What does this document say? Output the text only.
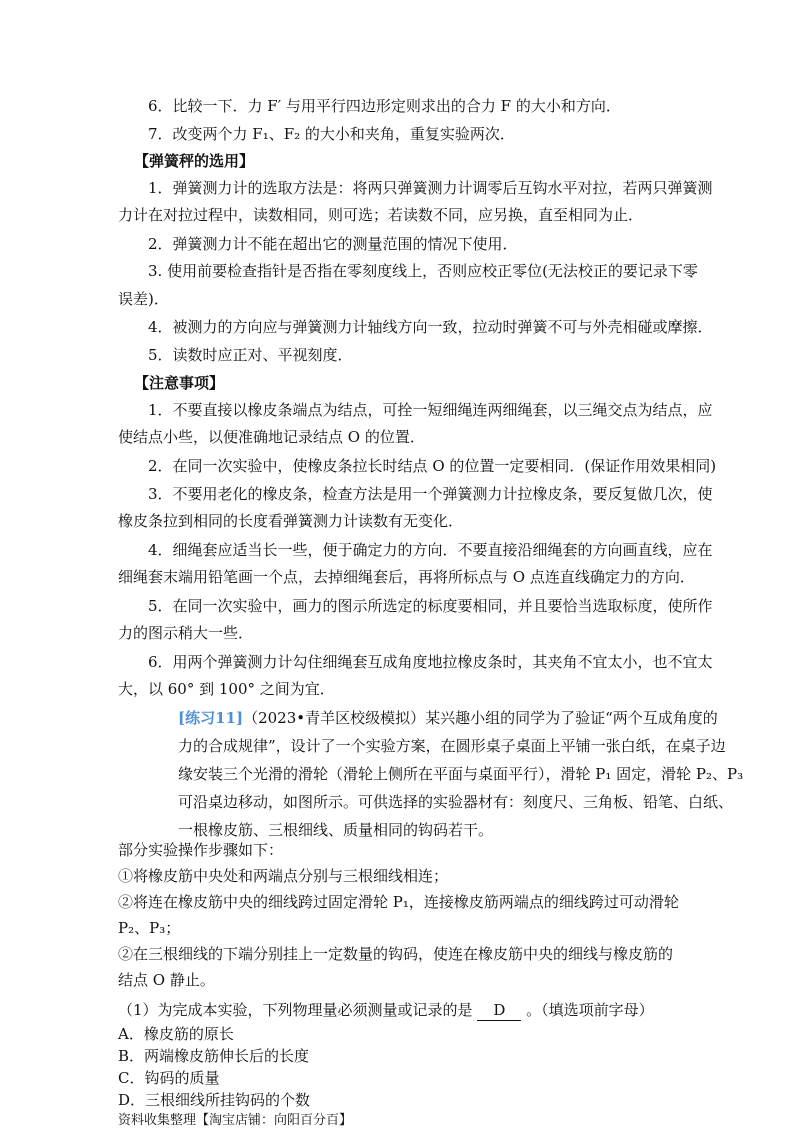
6．比较一下．力 F′ 与用平行四边形定则求出的合力 F 的大小和方向．
7．改变两个力 F₁、F₂ 的大小和夹角，重复实验两次．
【弹簧秤的选用】
1．弹簧测力计的选取方法是：将两只弹簧测力计调零后互钩水平对拉，若两只弹簧测
力计在对拉过程中，读数相同，则可选；若读数不同，应另换，直至相同为止．
2．弹簧测力计不能在超出它的测量范围的情况下使用．
3. 使用前要检查指针是否指在零刻度线上，否则应校正零位(无法校正的要记录下零
误差)．
4．被测力的方向应与弹簧测力计轴线方向一致，拉动时弹簧不可与外壳相碰或摩擦．
5．读数时应正对、平视刻度．
【注意事项】
1．不要直接以橡皮条端点为结点，可拴一短细绳连两细绳套，以三绳交点为结点，应
使结点小些，以便准确地记录结点 O 的位置．
2．在同一次实验中，使橡皮条拉长时结点 O 的位置一定要相同．(保证作用效果相同)
3．不要用老化的橡皮条，检查方法是用一个弹簧测力计拉橡皮条，要反复做几次，使
橡皮条拉到相同的长度看弹簧测力计读数有无变化．
4．细绳套应适当长一些，便于确定力的方向．不要直接沿细绳套的方向画直线，应在
细绳套末端用铅笔画一个点，去掉细绳套后，再将所标点与 O 点连直线确定力的方向．
5．在同一次实验中，画力的图示所选定的标度要相同，并且要恰当选取标度，使所作
力的图示稍大一些．
6．用两个弹簧测力计勾住细绳套互成角度地拉橡皮条时，其夹角不宜太小，也不宜太
大，以 60° 到 100° 之间为宜．
[练习11]（2023•青羊区校级模拟）某兴趣小组的同学为了验证“两个互成角度的
力的合成规律”，设计了一个实验方案，在圆形桌子桌面上平铺一张白纸，在桌子边
缘安装三个光滑的滑轮（滑轮上侧所在平面与桌面平行），滑轮 P₁ 固定，滑轮 P₂、P₃
可沿桌边移动，如图所示。可供选择的实验器材有：刻度尺、三角板、铅笔、白纸、
一根橡皮筋、三根细线、质量相同的钩码若干。
部分实验操作步骤如下：
①将橡皮筋中央处和两端点分别与三根细线相连；
②将连在橡皮筋中央的细线跨过固定滑轮 P₁，连接橡皮筋两端点的细线跨过可动滑轮
P₂、P₃；
②在三根细线的下端分别挂上一定数量的钩码，使连在橡皮筋中央的细线与橡皮筋的
结点 O 静止。
（1）为完成本实验，下列物理量必须测量或记录的是 D 。（填选项前字母）
A．橡皮筋的原长
B．两端橡皮筋伸长后的长度
C．钩码的质量
D．三根细线所挂钩码的个数
资料收集整理【淘宝店铺：向阳百分百】
